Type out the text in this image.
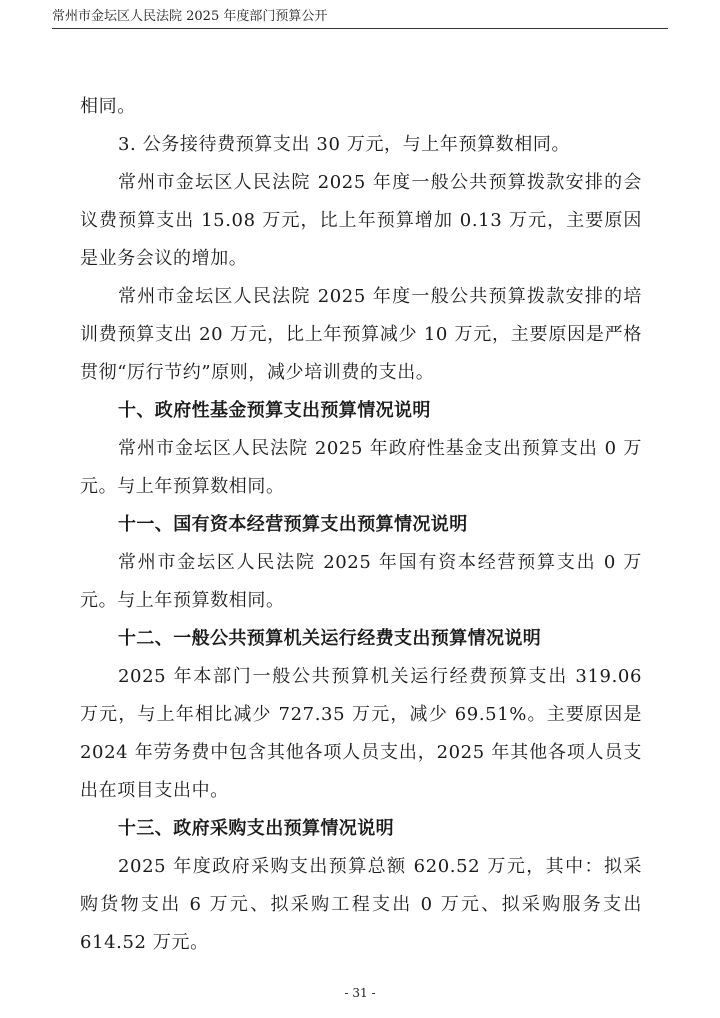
常州市金坛区人民法院 2025 年度部门预算公开

相同。

3. 公务接待费预算支出 30 万元，与上年预算数相同。

常州市金坛区人民法院 2025 年度一般公共预算拨款安排的会议费预算支出 15.08 万元，比上年预算增加 0.13 万元，主要原因是业务会议的增加。

常州市金坛区人民法院 2025 年度一般公共预算拨款安排的培训费预算支出 20 万元，比上年预算减少 10 万元，主要原因是严格贯彻“厉行节约”原则，减少培训费的支出。

十、政府性基金预算支出预算情况说明

常州市金坛区人民法院 2025 年政府性基金支出预算支出 0 万元。与上年预算数相同。

十一、国有资本经营预算支出预算情况说明

常州市金坛区人民法院 2025 年国有资本经营预算支出 0 万元。与上年预算数相同。

十二、一般公共预算机关运行经费支出预算情况说明

2025 年本部门一般公共预算机关运行经费预算支出 319.06 万元，与上年相比减少 727.35 万元，减少 69.51%。主要原因是 2024 年劳务费中包含其他各项人员支出，2025 年其他各项人员支出在项目支出中。

十三、政府采购支出预算情况说明

2025 年度政府采购支出预算总额 620.52 万元，其中：拟采购货物支出 6 万元、拟采购工程支出 0 万元、拟采购服务支出 614.52 万元。

- 31 -
